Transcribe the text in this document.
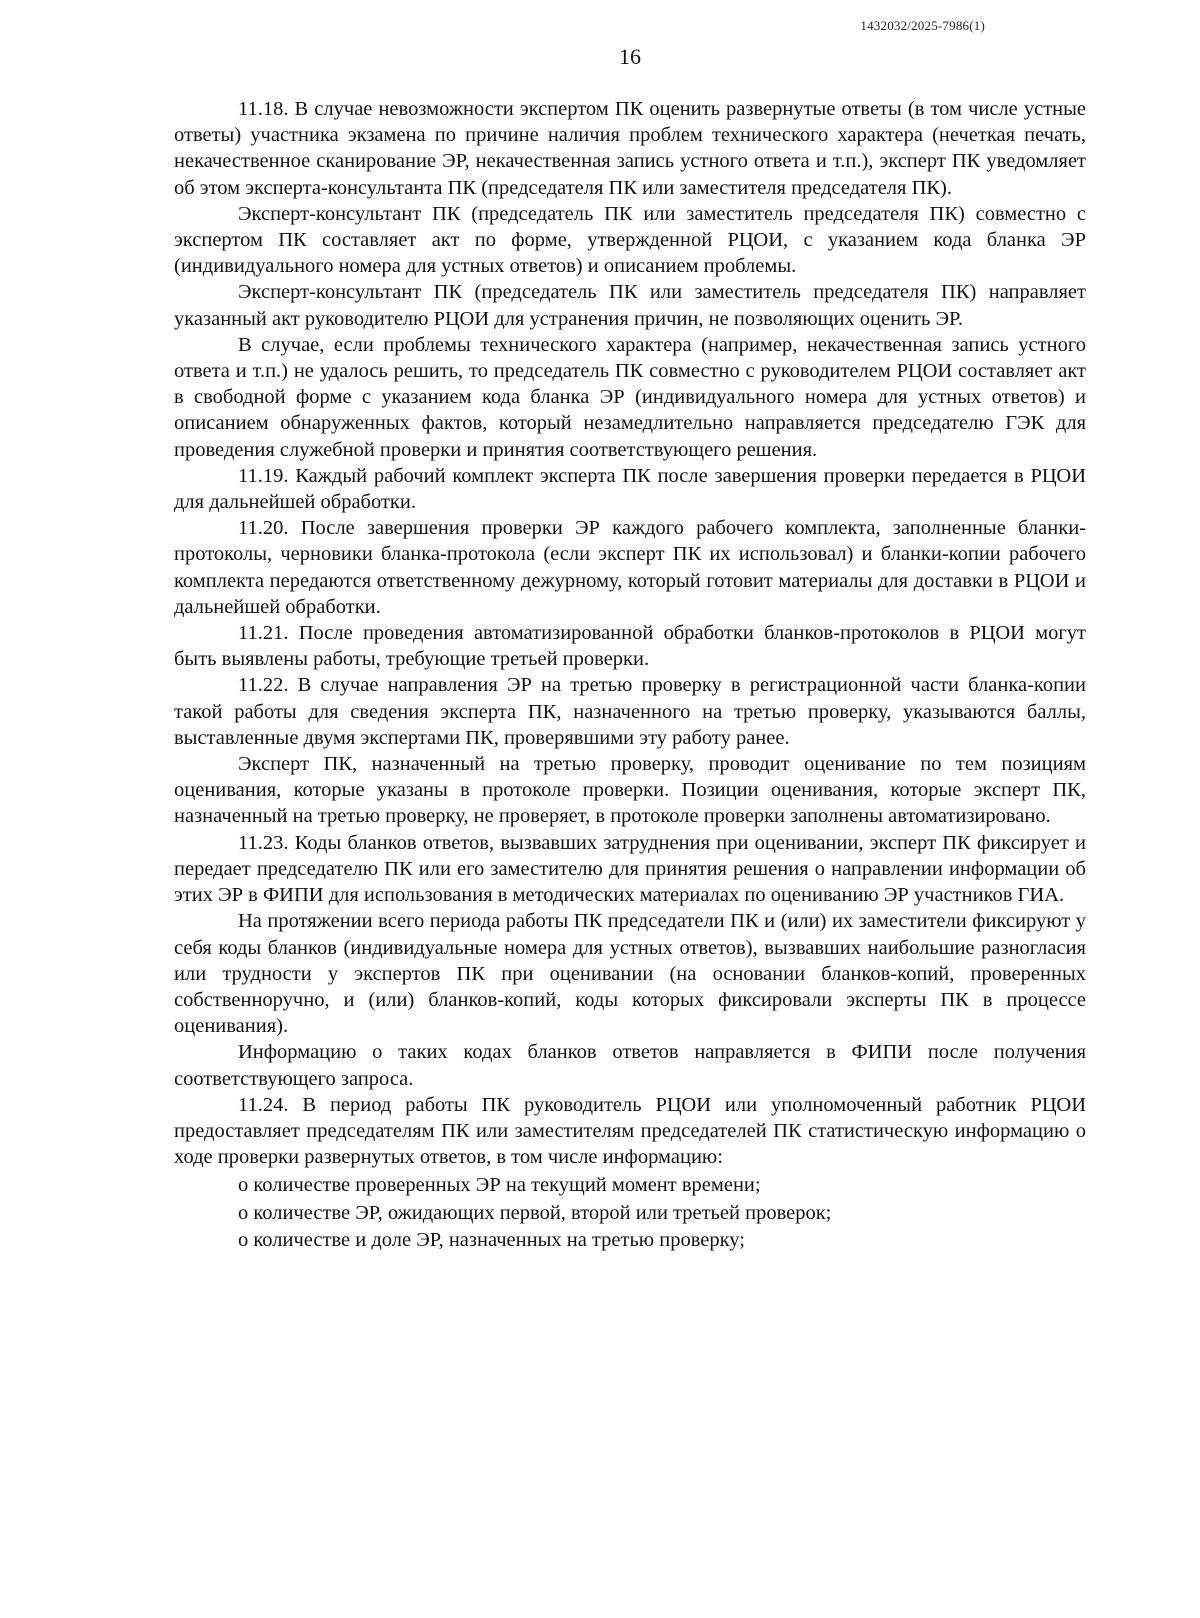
1432032/2025-7986(1)
16

11.18. В случае невозможности экспертом ПК оценить развернутые ответы (в том числе устные ответы) участника экзамена по причине наличия проблем технического характера (нечеткая печать, некачественное сканирование ЭР, некачественная запись устного ответа и т.п.), эксперт ПК уведомляет об этом эксперта-консультанта ПК (председателя ПК или заместителя председателя ПК).

Эксперт-консультант ПК (председатель ПК или заместитель председателя ПК) совместно с экспертом ПК составляет акт по форме, утвержденной РЦОИ, с указанием кода бланка ЭР (индивидуального номера для устных ответов) и описанием проблемы.

Эксперт-консультант ПК (председатель ПК или заместитель председателя ПК) направляет указанный акт руководителю РЦОИ для устранения причин, не позволяющих оценить ЭР.

В случае, если проблемы технического характера (например, некачественная запись устного ответа и т.п.) не удалось решить, то председатель ПК совместно с руководителем РЦОИ составляет акт в свободной форме с указанием кода бланка ЭР (индивидуального номера для устных ответов) и описанием обнаруженных фактов, который незамедлительно направляется председателю ГЭК для проведения служебной проверки и принятия соответствующего решения.

11.19. Каждый рабочий комплект эксперта ПК после завершения проверки передается в РЦОИ для дальнейшей обработки.

11.20. После завершения проверки ЭР каждого рабочего комплекта, заполненные бланки-протоколы, черновики бланка-протокола (если эксперт ПК их использовал) и бланки-копии рабочего комплекта передаются ответственному дежурному, который готовит материалы для доставки в РЦОИ и дальнейшей обработки.

11.21. После проведения автоматизированной обработки бланков-протоколов в РЦОИ могут быть выявлены работы, требующие третьей проверки.

11.22. В случае направления ЭР на третью проверку в регистрационной части бланка-копии такой работы для сведения эксперта ПК, назначенного на третью проверку, указываются баллы, выставленные двумя экспертами ПК, проверявшими эту работу ранее.

Эксперт ПК, назначенный на третью проверку, проводит оценивание по тем позициям оценивания, которые указаны в протоколе проверки. Позиции оценивания, которые эксперт ПК, назначенный на третью проверку, не проверяет, в протоколе проверки заполнены автоматизировано.

11.23. Коды бланков ответов, вызвавших затруднения при оценивании, эксперт ПК фиксирует и передает председателю ПК или его заместителю для принятия решения о направлении информации об этих ЭР в ФИПИ для использования в методических материалах по оцениванию ЭР участников ГИА.

На протяжении всего периода работы ПК председатели ПК и (или) их заместители фиксируют у себя коды бланков (индивидуальные номера для устных ответов), вызвавших наибольшие разногласия или трудности у экспертов ПК при оценивании (на основании бланков-копий, проверенных собственноручно, и (или) бланков-копий, коды которых фиксировали эксперты ПК в процессе оценивания).

Информацию о таких кодах бланков ответов направляется в ФИПИ после получения соответствующего запроса.

11.24. В период работы ПК руководитель РЦОИ или уполномоченный работник РЦОИ предоставляет председателям ПК или заместителям председателей ПК статистическую информацию о ходе проверки развернутых ответов, в том числе информацию:

о количестве проверенных ЭР на текущий момент времени;

о количестве ЭР, ожидающих первой, второй или третьей проверок;

о количестве и доле ЭР, назначенных на третью проверку;
